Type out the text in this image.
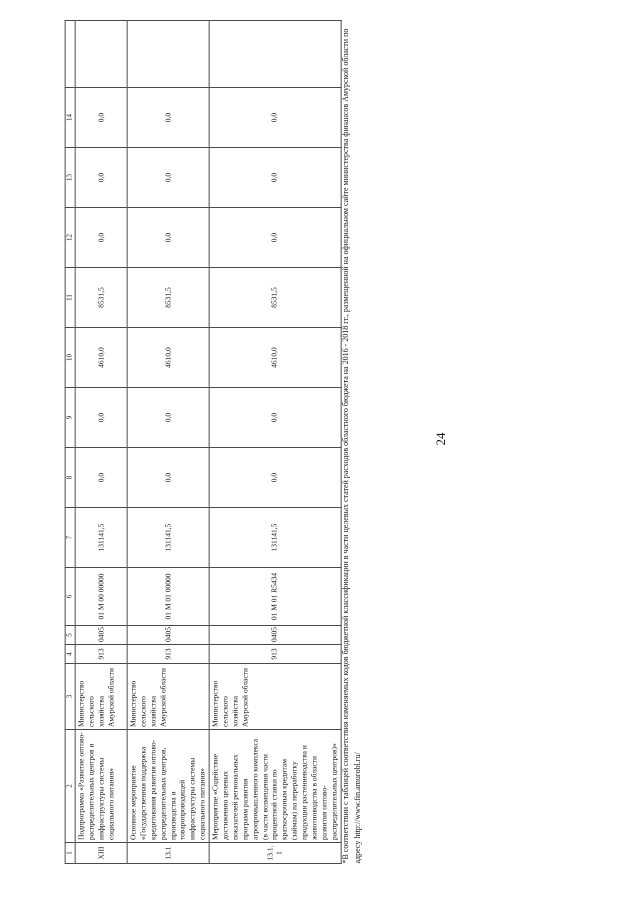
24
1	2	3	4	5	6	7	8	9	10	11	12	13	14	
XIII	Подпрограмма «Развитие оптово-распределительных центров и инфраструктуры системы социального питания»	Министерство сельского хозяйства Амурской области	913	0405	01 М 00 00000	131141,5	0,0	0,0	4610,0	8531,5	0,0	0,0	0,0	
13.1	Основное мероприятие «Государственная поддержка кредитования развития оптово-распределительных центров, производства и товаропроводящей инфраструктуры системы социального питания»	Министерство сельского хозяйства Амурской области	913	0405	01 М 01 00000	131141,5	0,0	0,0	4610,0	8531,5	0,0	0,0	0,0	
13.1.1	Мероприятие «Содействие достижению целевых показателей региональных программ развития агропромышленного комплекса (в части возмещения части процентной ставки по краткосрочным кредитам (займам) на переработку продукции растениеводства и животноводства в области развития оптово-распределительных центров)»	Министерство сельского хозяйства Амурской области	913	0405	01 М 01 R5434	131141,5	0,0	0,0	4610,0	8531,5	0,0	0,0	0,0		*В соответствии с таблицей соответствия изменяемых кодов бюджетной классификации в части целевых статей расходов областного бюджета на 2016 - 2018 гг., размещенной на официальном сайте министерства финансов Амурской области по адресу http://www.fin.amurobl.ru/
